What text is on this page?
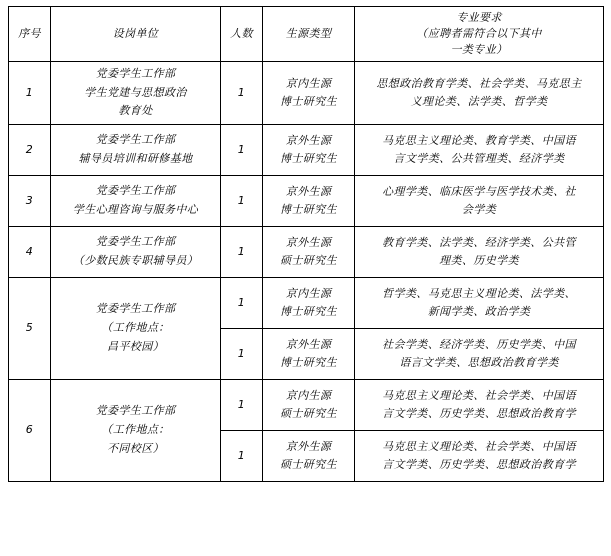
序号	设岗单位	人数	生源类型	专业要求
（应聘者需符合以下其中
一类专业）

1	党委学生工作部
学生党建与思想政治
教育处	1	京内生源
博士研究生	思想政治教育学类、社会学类、马克思主
义理论类、法学类、哲学类

2	党委学生工作部
辅导员培训和研修基地	1	京外生源
博士研究生	马克思主义理论类、教育学类、中国语
言文学类、公共管理类、经济学类

3	党委学生工作部
学生心理咨询与服务中心	1	京外生源
博士研究生	心理学类、临床医学与医学技术类、社
会学类

4	党委学生工作部
（少数民族专职辅导员）	1	京外生源
硕士研究生	教育学类、法学类、经济学类、公共管
理类、历史学类

5	党委学生工作部
（工作地点：
昌平校园）	1	京内生源
博士研究生	哲学类、马克思主义理论类、法学类、
新闻学类、政治学类

		1	京外生源
博士研究生	社会学类、经济学类、历史学类、中国
语言文学类、思想政治教育学类

6	党委学生工作部
（工作地点：
不同校区）	1	京内生源
硕士研究生	马克思主义理论类、社会学类、中国语
言文学类、历史学类、思想政治教育学

		1	京外生源
硕士研究生	马克思主义理论类、社会学类、中国语
言文学类、历史学类、思想政治教育学
